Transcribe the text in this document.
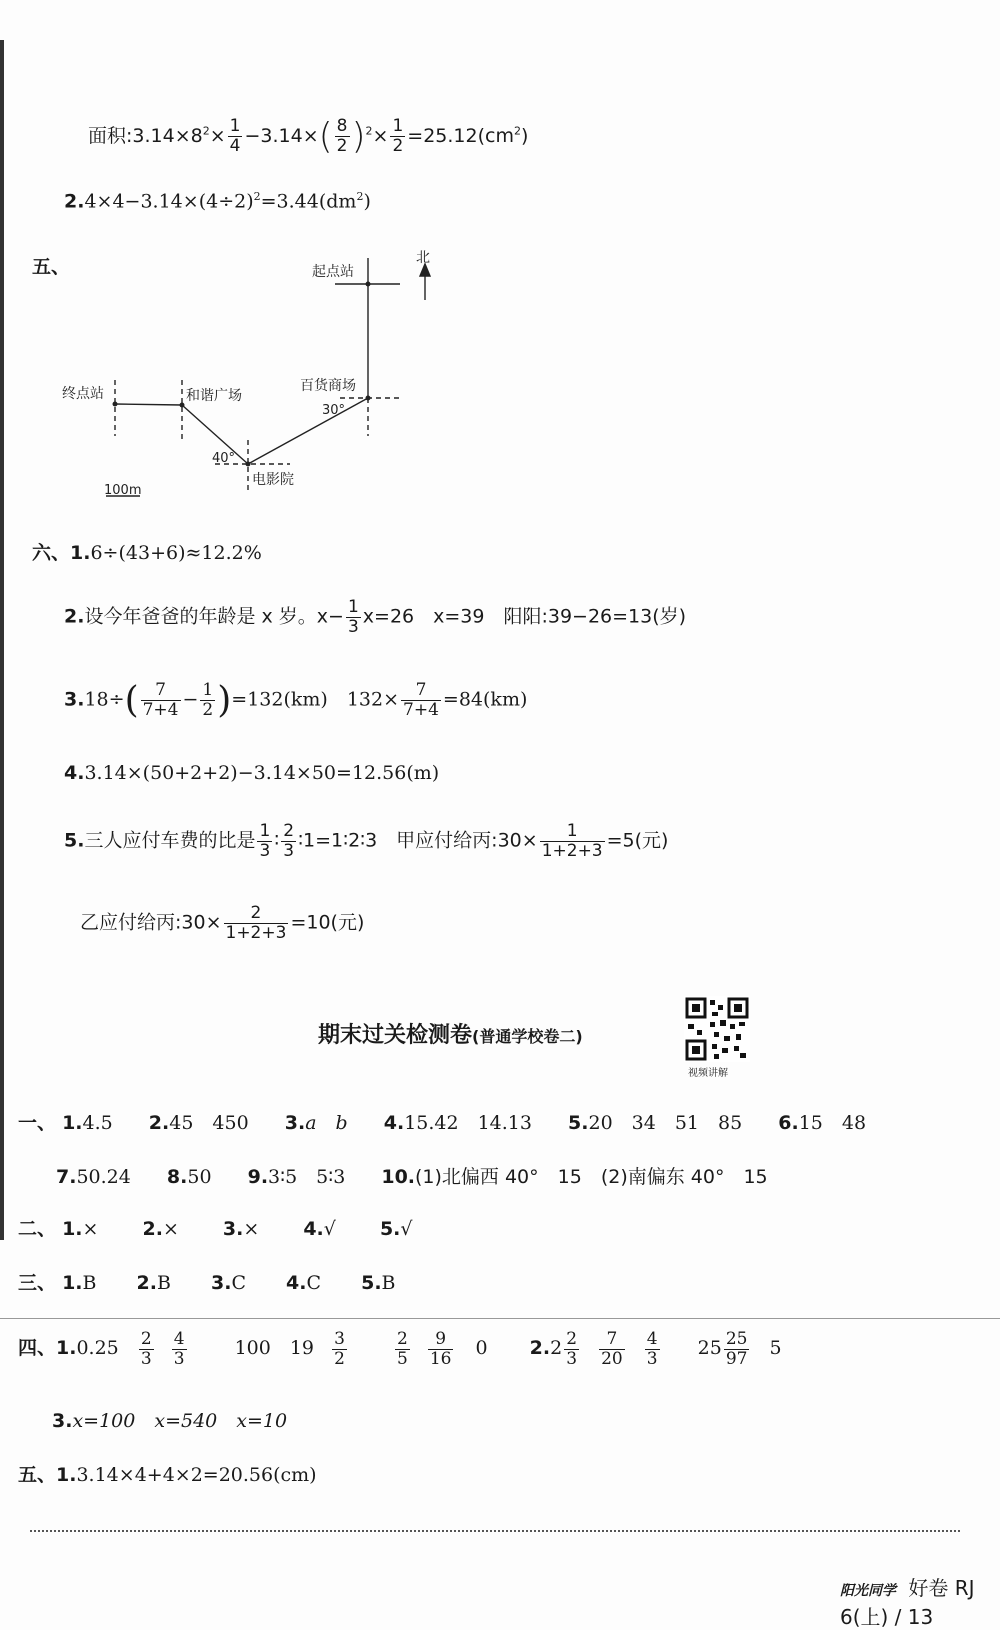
面积$:3.14\times 8^2\times \frac{1}{4} -3.14\times( \frac{8}{2} )^2\times \frac{1}{2} =25.12(cm^2)$
$2.4\times 4-3.14\times(4\div 2)^2=3.44(dm^2)$
五、	起点站
北
终点站	和谐广场
百货商场
30°
40°
电影院
100m
六、1.6÷(43+6)≈12.2%
2.设今年爸爸的年龄是 x 岁。$x- \frac{1}{3} x=26$　x=39　阳阳:39−26=13(岁)
$3.18\div( \frac{7}{7+4} - \frac{1}{2} )=132(km)$　$132\times \frac{7}{7+4} =84(km)$
4.3.14×(50+2+2)−3.14×50=12.56(m)
5.三人应付车费的比是 $\frac{1}{3}$ ∶ $\frac{2}{3}$ ∶1=1∶2∶3　甲应付给丙:30× $\frac{1}{1+2+3} =5$(元)
乙应付给丙:30× $\frac{2}{1+2+3} =10$(元)
期末过关检测卷(普通学校卷二)
视频讲解
一、 1.4.5 2.45　450 3.a　b 4.15.42　14.13 5.20　34　51　85 6.15　48
7.50.24 8.50 9.3∶5　5∶3 10.(1)北偏西 40°　15　(2)南偏东 40°　15
二、 1.× 2.× 3.× 4.√ 5.√
三、 1.B 2.B 3.C 4.C 5.B
四、$1.0.25 \frac{2}{3}$
$\frac{4}{3}$	100　$19 \frac{3}{2}$
	$\frac{2}{5}$
$\frac{9}{16} 0$ $2.2 \frac{2}{3}$
$\frac{7}{20}$
$\frac{4}{3} 25 \frac{25}{97} 5$
3.x=100　x=540　x=10
五、1.3.14×4+4×2=20.56(cm)
阳光同学 好卷 RJ 6(上) / 13
